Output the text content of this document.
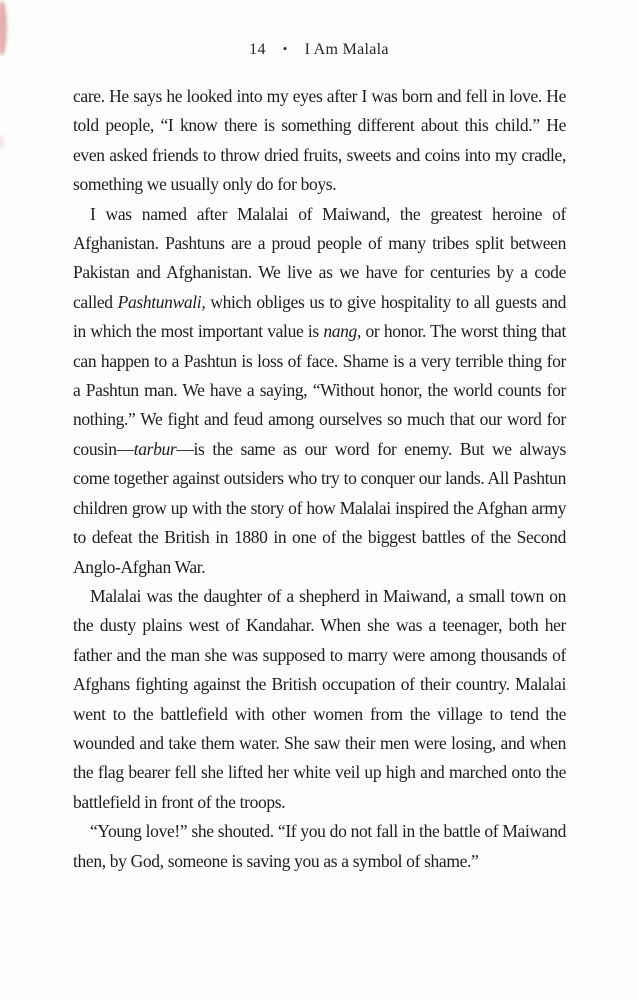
14 • I Am Malala

care. He says he looked into my eyes after I was born and fell in love. He told people, “I know there is something different about this child.” He even asked friends to throw dried fruits, sweets and coins into my cradle, something we usually only do for boys.

I was named after Malalai of Maiwand, the greatest heroine of Afghanistan. Pashtuns are a proud people of many tribes split between Pakistan and Afghanistan. We live as we have for centuries by a code called Pashtunwali, which obliges us to give hospitality to all guests and in which the most important value is nang, or honor. The worst thing that can happen to a Pashtun is loss of face. Shame is a very terrible thing for a Pashtun man. We have a saying, “Without honor, the world counts for nothing.” We fight and feud among ourselves so much that our word for cousin—tarbur—is the same as our word for enemy. But we always come together against outsiders who try to conquer our lands. All Pashtun children grow up with the story of how Malalai inspired the Afghan army to defeat the British in 1880 in one of the biggest battles of the Second Anglo-Afghan War.

Malalai was the daughter of a shepherd in Maiwand, a small town on the dusty plains west of Kandahar. When she was a teenager, both her father and the man she was supposed to marry were among thousands of Afghans fighting against the British occupation of their country. Malalai went to the battlefield with other women from the village to tend the wounded and take them water. She saw their men were losing, and when the flag bearer fell she lifted her white veil up high and marched onto the battlefield in front of the troops.

“Young love!” she shouted. “If you do not fall in the battle of Maiwand then, by God, someone is saving you as a symbol of shame.”
